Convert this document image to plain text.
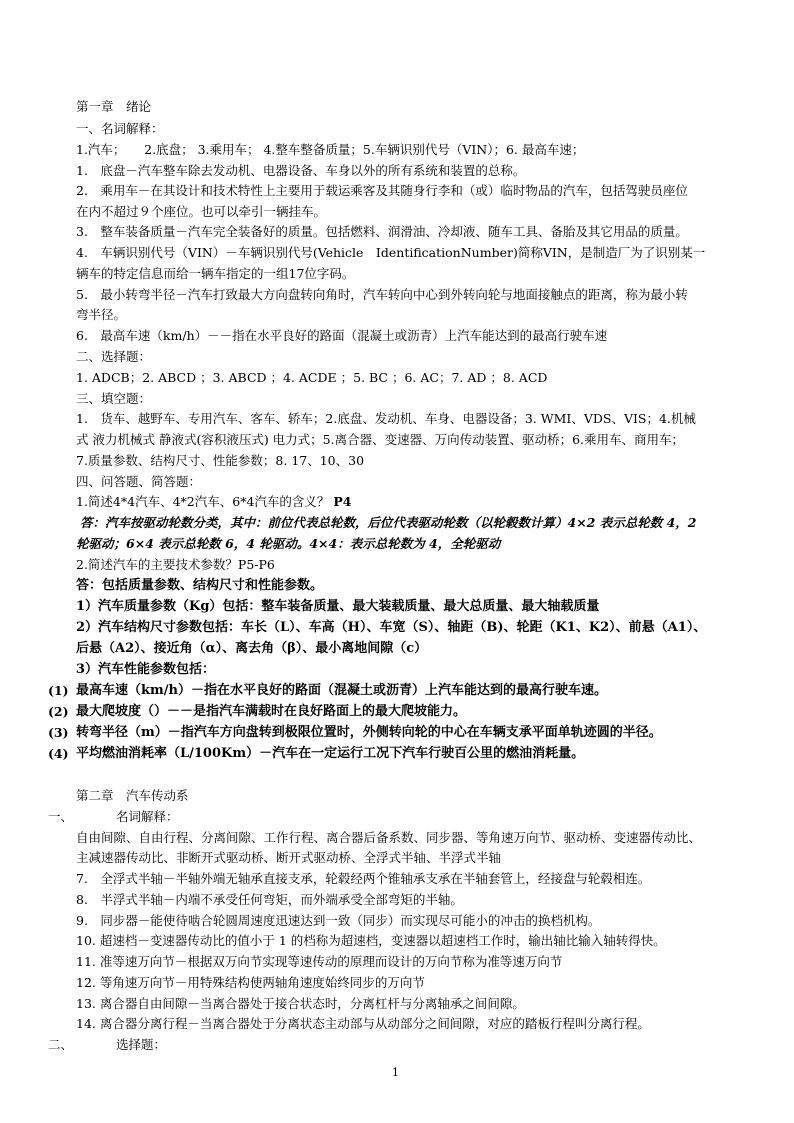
第一章　绪论
一、名词解释：
1.汽车；　　2.底盘； 3.乘用车； 4.整车整备质量；5.车辆识别代号（VIN）；6. 最高车速；
1.　底盘－汽车整车除去发动机、电器设备、车身以外的所有系统和装置的总称。
2.　乘用车－在其设计和技术特性上主要用于载运乘客及其随身行李和（或）临时物品的汽车，包括驾驶员座位
在内不超过９个座位。也可以牵引一辆挂车。
3.　整车装备质量－汽车完全装备好的质量。包括燃料、润滑油、冷却液、随车工具、备胎及其它用品的质量。
4.　车辆识别代号（VIN）－车辆识别代号(Vehicle　IdentificationNumber)简称VIN，是制造厂为了识别某一
辆车的特定信息而给一辆车指定的一组17位字码。
5.　最小转弯半径－汽车打致最大方向盘转向角时，汽车转向中心到外转向轮与地面接触点的距离，称为最小转
弯半径。
6.　最高车速（km/h）－－指在水平良好的路面（混凝土或沥青）上汽车能达到的最高行驶车速
二、选择题：
1. ADCB；2. ABCD ；3. ABCD ；4. ACDE ；5. BC ；6. AC；7. AD ；8. ACD
三、填空题：
1.　货车、越野车、专用汽车、客车、轿车；2.底盘、发动机、车身、电器设备；3. WMI、VDS、VIS；4.机械
式 液力机械式 静液式(容积液压式) 电力式；5.离合器、变速器、万向传动装置、驱动桥；6.乘用车、商用车；
7.质量参数、结构尺寸、性能参数；8. 17、10、30
四、问答题、简答题：
1.简述4*4汽车、4*2汽车、6*4汽车的含义？ P4
答：汽车按驱动轮数分类，其中：前位代表总轮数，后位代表驱动轮数（以轮毂数计算）4×2 表示总轮数 4，2
轮驱动；6×4 表示总轮数 6，4 轮驱动。4×4：表示总轮数为 4，全轮驱动
2.简述汽车的主要技术参数？P5-P6
答：包括质量参数、结构尺寸和性能参数。
1）汽车质量参数（Kg）包括：整车装备质量、最大装载质量、最大总质量、最大轴载质量
2）汽车结构尺寸参数包括：车长（L）、车高（H）、车宽（S）、轴距（B)、轮距（K1、K2）、前悬（A1）、
后悬（A2）、接近角（α）、离去角（β）、最小离地间隙（c）
3）汽车性能参数包括：
(1) 最高车速（km/h）－指在水平良好的路面（混凝土或沥青）上汽车能达到的最高行驶车速。
(2) 最大爬坡度（）－－是指汽车满载时在良好路面上的最大爬坡能力。
(3) 转弯半径（m）－指汽车方向盘转到极限位置时，外侧转向轮的中心在车辆支承平面单轨迹圆的半径。
(4) 平均燃油消耗率（L/100Km）－汽车在一定运行工况下汽车行驶百公里的燃油消耗量。
第二章　汽车传动系
一、	名词解释：
自由间隙、自由行程、分离间隙、工作行程、离合器后备系数、同步器、等角速万向节、驱动桥、变速器传动比、
主减速器传动比、非断开式驱动桥、断开式驱动桥、全浮式半轴、半浮式半轴
7.　全浮式半轴－半轴外端无轴承直接支承，轮毂经两个锥轴承支承在半轴套管上，经接盘与轮毂相连。
8.　半浮式半轴－内端不承受任何弯矩，而外端承受全部弯矩的半轴。
9.　同步器－能使待啮合轮圆周速度迅速达到一致（同步）而实现尽可能小的冲击的换档机构。
10. 超速档－变速器传动比的值小于 1 的档称为超速档，变速器以超速档工作时，输出轴比输入轴转得快。
11. 准等速万向节－根据双万向节实现等速传动的原理而设计的万向节称为准等速万向节
12. 等角速万向节－用特殊结构使两轴角速度始终同步的万向节
13. 离合器自由间隙－当离合器处于接合状态时，分离杠杆与分离轴承之间间隙。
14. 离合器分离行程－当离合器处于分离状态主动部与从动部分之间间隙，对应的踏板行程叫分离行程。
二、	选择题：
1
